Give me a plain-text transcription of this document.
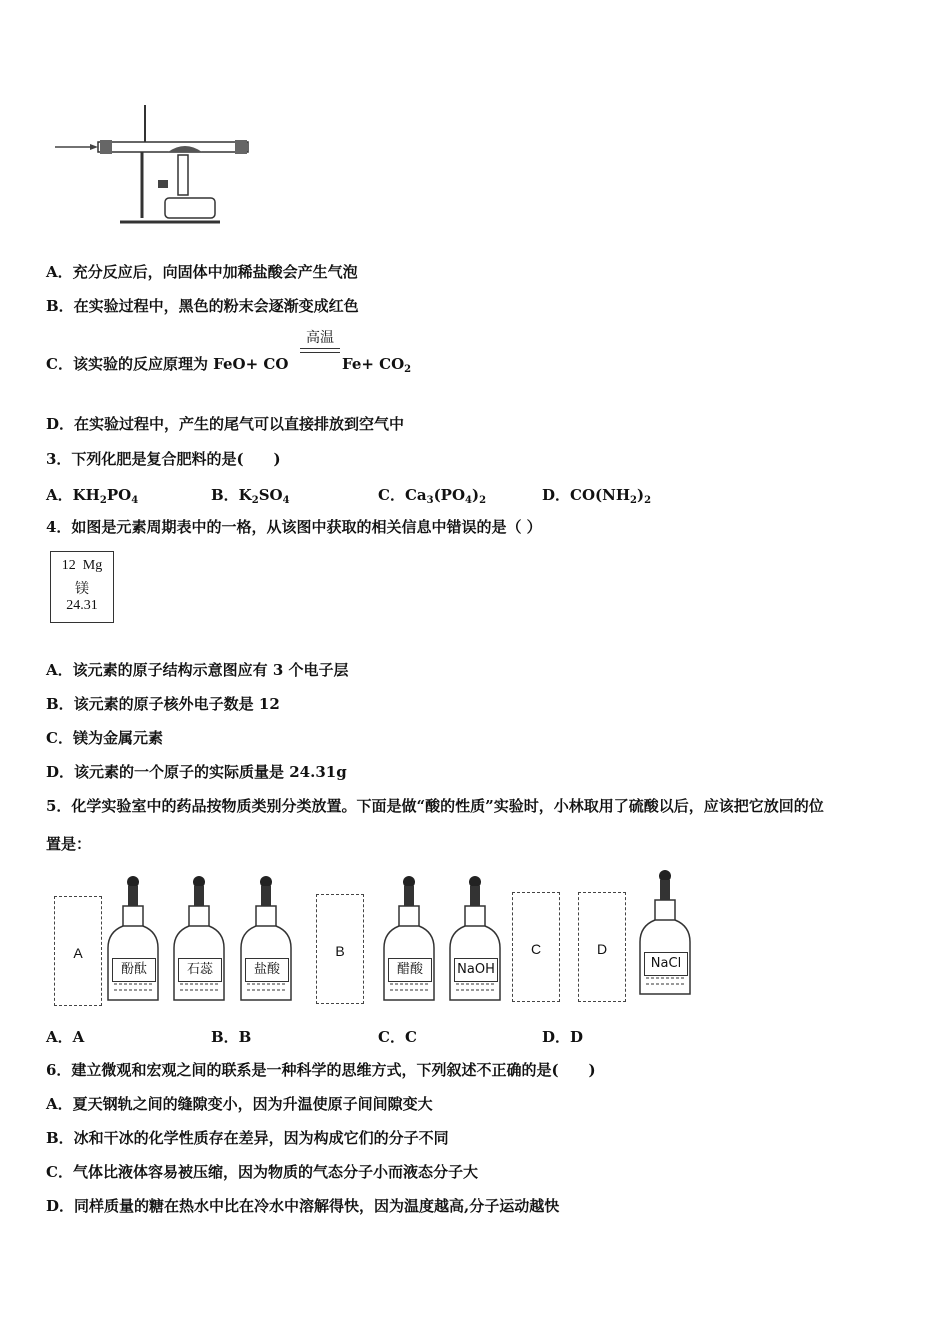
A．充分反应后，向固体中加稀盐酸会产生气泡
B．在实验过程中，黑色的粉末会逐渐变成红色
C．该实验的反应原理为 FeO+ CO
高温
$Fe+ CO_2$
D．在实验过程中，产生的尾气可以直接排放到空气中
3．下列化肥是复合肥料的是(　　)
A．$KH_2PO_4$	B．$K_2SO_4$	C．$Ca_3(PO_4)_2$	D．$CO(NH_2)_2$
4．如图是元素周期表中的一格，从该图中获取的相关信息中错误的是（ ）
12 Mg
镁
24.31
A．该元素的原子结构示意图应有 3 个电子层
B．该元素的原子核外电子数是 12
C．镁为金属元素
D．该元素的一个原子的实际质量是 24.31g
5．化学实验室中的药品按物质类别分类放置。下面是做“酸的性质”实验时，小林取用了硫酸以后，应该把它放回的位
置是：
A	B	C	D
酚酞	石蕊	盐酸	醋酸	NaOH	NaCl
A．A	B．B	C．C	D．D
6．建立微观和宏观之间的联系是一种科学的思维方式，下列叙述不正确的是(　　)
A．夏天钢轨之间的缝隙变小，因为升温使原子间间隙变大
B．冰和干冰的化学性质存在差异，因为构成它们的分子不同
C．气体比液体容易被压缩，因为物质的气态分子小而液态分子大
D．同样质量的糖在热水中比在冷水中溶解得快，因为温度越高,分子运动越快
